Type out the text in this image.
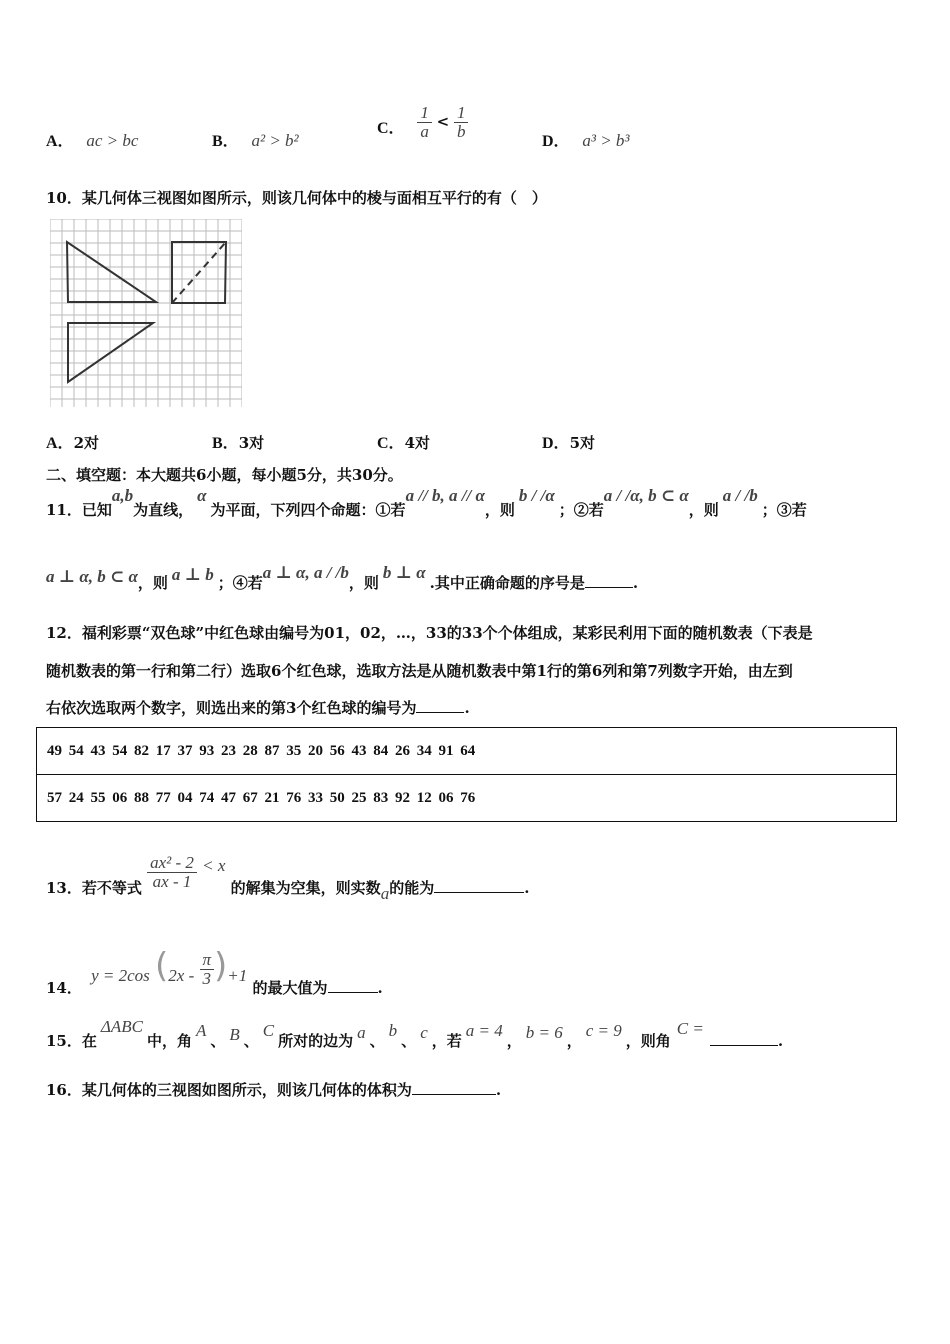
A． ac > bc	B． a² > b²
C． $\frac{1}{a} < \frac{1}{b}$
D． a³ > b³
10．某几何体三视图如图所示，则该几何体中的棱与面相互平行的有（　）
A．2对	B．3对	C．4对	D．5对
二、填空题：本大题共6小题，每小题5分，共30分。
11．已知a,b为直线，α为平面，下列四个命题：①若a // b, a // α，则b / /α；②若a / /α, b ⊂ α，则a / /b；③若
a ⊥ α, b ⊂ α，则 a ⊥ b ；④若a ⊥ α, a / /b，则b ⊥ α.其中正确命题的序号是	.
12．福利彩票“双色球”中红色球由编号为01，02，…，33的33个个体组成，某彩民利用下面的随机数表（下表是
随机数表的第一行和第二行）选取6个红色球，选取方法是从随机数表中第1行的第6列和第7列数字开始，由左到
右依次选取两个数字，则选出来的第3个红色球的编号为	.
49 54 43 54 82 17 37 93 23 28 87 35 20 56 43 84 26 34 91 64
57 24 55 06 88 77 04 74 47 67 21 76 33 50 25 83 92 12 06 76
13．若不等式 $\frac{\text{ax² - 2}}{ax - 1} < x$ 的解集为空集，则实数a的能为	.
14． y = 2cos $(2x - \frac{\pi}{3} )+1$ 的最大值为	.
15．在ΔABC中，角A、 B 、C所对的边为 a 、b、 c ，若a = 4， b = 6 ，c = 9，则角C =.
16．某几何体的三视图如图所示，则该几何体的体积为	.
